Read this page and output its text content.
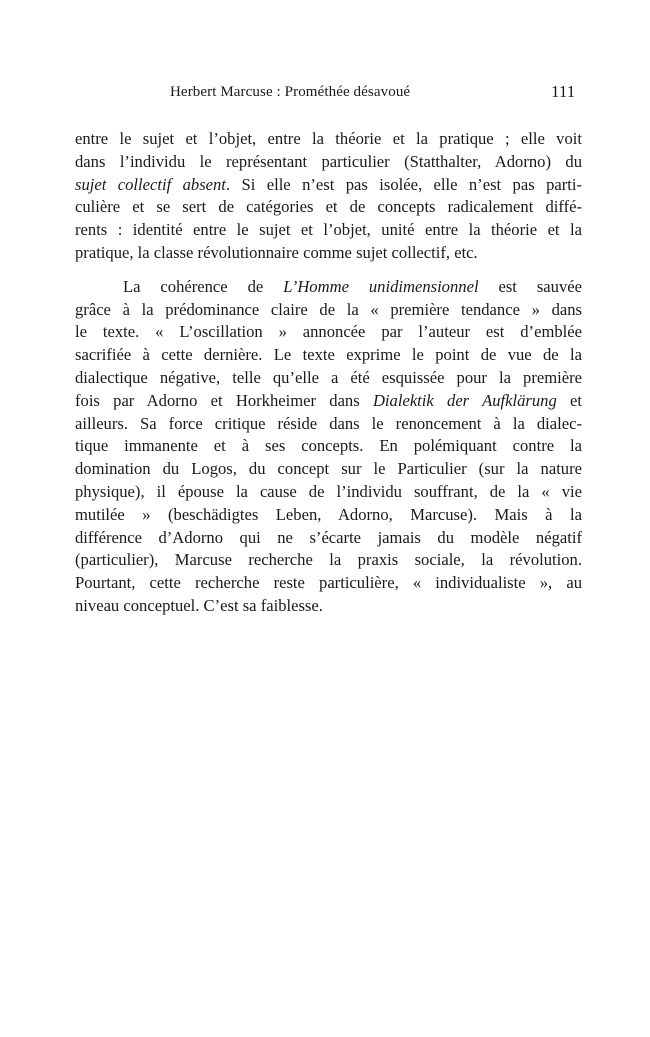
Herbert Marcuse : Prométhée désavoué	111
entre le sujet et l’objet, entre la théorie et la pratique ; elle voit
dans l’individu le représentant particulier (Statthalter, Adorno) du
sujet collectif absent. Si elle n’est pas isolée, elle n’est pas parti-
culière et se sert de catégories et de concepts radicalement diffé-
rents : identité entre le sujet et l’objet, unité entre la théorie et la
pratique, la classe révolutionnaire comme sujet collectif, etc.
La cohérence de L’Homme unidimensionnel est sauvée
grâce à la prédominance claire de la « première tendance » dans
le texte. « L’oscillation » annoncée par l’auteur est d’emblée
sacrifiée à cette dernière. Le texte exprime le point de vue de la
dialectique négative, telle qu’elle a été esquissée pour la première
fois par Adorno et Horkheimer dans Dialektik der Aufklärung et
ailleurs. Sa force critique réside dans le renoncement à la dialec-
tique immanente et à ses concepts. En polémiquant contre la
domination du Logos, du concept sur le Particulier (sur la nature
physique), il épouse la cause de l’individu souffrant, de la « vie
mutilée » (beschädigtes Leben, Adorno, Marcuse). Mais à la
différence d’Adorno qui ne s’écarte jamais du modèle négatif
(particulier), Marcuse recherche la praxis sociale, la révolution.
Pourtant, cette recherche reste particulière, « individualiste », au
niveau conceptuel. C’est sa faiblesse.
